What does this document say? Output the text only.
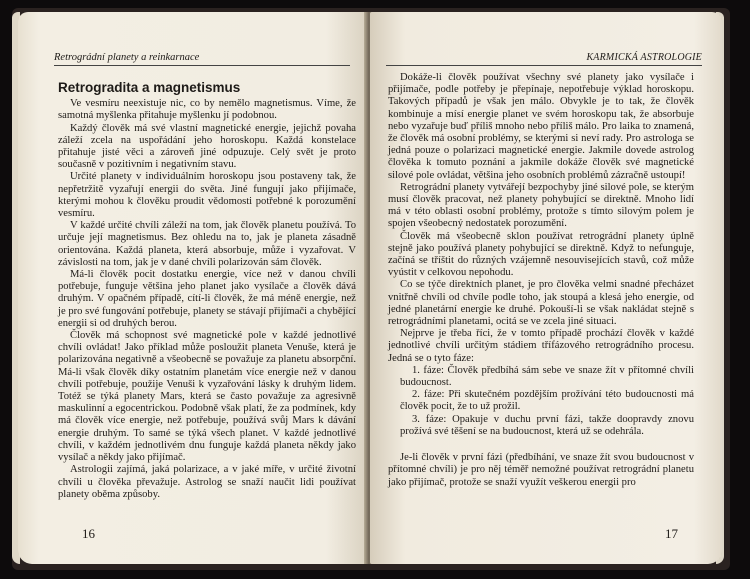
Retrográdní planety a reinkarnace
Retrogradita a magnetismus

Ve vesmíru neexistuje nic, co by nemělo magnetismus. Víme, že samotná myšlenka přitahuje myšlenku jí podobnou.

Každý člověk má své vlastní magnetické energie, jejichž povaha záleží zcela na uspořádání jeho horoskopu. Každá konstelace přitahuje jisté věci a zároveň jiné odpuzuje. Celý svět je proto současně v pozitivním i negativním stavu.

Určité planety v individuálním horoskopu jsou postaveny tak, že nepřetržitě vyzařují energii do světa. Jiné fungují jako přijímače, kterými mohou k člověku proudit vědomosti potřebné k porozumění vesmíru.

V každé určité chvíli záleží na tom, jak člověk planetu používá. To určuje její magnetismus. Bez ohledu na to, jak je planeta zásadně orientována. Každá planeta, která absorbuje, může i vyzařovat. V závislosti na tom, jak je v dané chvíli polarizován sám člověk.

Má-li člověk pocit dostatku energie, více než v danou chvíli potřebuje, funguje většina jeho planet jako vysílače a člověk dává druhým. V opačném případě, cítí-li člověk, že má méně energie, než je pro své fungování potřebuje, planety se stávají přijímači a chybějící energii si od druhých berou.

Člověk má schopnost své magnetické pole v každé jednotlivé chvíli ovládat! Jako příklad může posloužit planeta Venuše, která je polarizována negativně a všeobecně se považuje za planetu absorpční. Má-li však člověk díky ostatním planetám více energie než v danou chvíli potřebuje, použije Venuši k vyzařování lásky k druhým lidem. Totéž se týká planety Mars, která se často považuje za agresivně maskulinní a egocentrickou. Podobně však platí, že za podmínek, kdy má člověk více energie, než potřebuje, používá svůj Mars k dávání energie druhým. To samé se týká všech planet. V každé jednotlivé chvíli, v každém jednotlivém dnu funguje každá planeta někdy jako vysílač a někdy jako přijímač.

Astrologii zajímá, jaká polarizace, a v jaké míře, v určité životní chvíli u člověka převažuje. Astrolog se snaží naučit lidi používat planety oběma způsoby.

16
KARMICKÁ ASTROLOGIE

Dokáže-li člověk používat všechny své planety jako vysílače i přijímače, podle potřeby je přepínaje, nepotřebuje výklad horoskopu. Takových případů je však jen málo. Obvykle je to tak, že člověk kombinuje a mísí energie planet ve svém horoskopu tak, že absorbuje nebo vyzařuje buď příliš mnoho nebo příliš málo. Pro laika to znamená, že člověk má osobní problémy, se kterými si neví rady. Pro astrologa se jedná pouze o polarizaci magnetické energie. Jakmile dovede astrolog člověka k tomuto poznání a jakmile dokáže člověk své magnetické silové pole ovládat, většina jeho osobních problémů zázračně ustoupí!

Retrográdní planety vytvářejí bezpochyby jiné silové pole, se kterým musí člověk pracovat, než planety pohybující se direktně. Mnoho lidí má v této oblasti osobní problémy, protože s tímto silovým polem je spojen všeobecný nedostatek porozumění.

Člověk má všeobecně sklon používat retrográdní planety úplně stejně jako používá planety pohybující se direktně. Když to nefunguje, začíná se tříštit do různých vzájemně nesouvisejících stavů, což může vyústit v celkovou nepohodu.

Co se týče direktních planet, je pro člověka velmi snadné přecházet vnitřně chvíli od chvíle podle toho, jak stoupá a klesá jeho energie, od jedné planetární energie ke druhé. Pokouší-li se však nakládat stejně s retrográdními planetami, ocitá se ve zcela jiné situaci.

Nejprve je třeba říci, že v tomto případě prochází člověk v každé jednotlivé chvíli určitým stádiem třífázového retrográdního procesu. Jedná se o tyto fáze:

1. fáze: Člověk předbíhá sám sebe ve snaze žít v přítomné chvíli budoucnost.

2. fáze: Při skutečném pozdějším prožívání této budoucnosti má člověk pocit, že to už prožil.

3. fáze: Opakuje v duchu první fázi, takže doopravdy znovu prožívá své těšení se na budoucnost, která už se odehrála.

Je-li člověk v první fázi (předbíhání, ve snaze žít svou budoucnost v přítomné chvíli) je pro něj téměř nemožné používat retrográdní planetu jako přijímač, protože se snaží využít veškerou energii pro

17
